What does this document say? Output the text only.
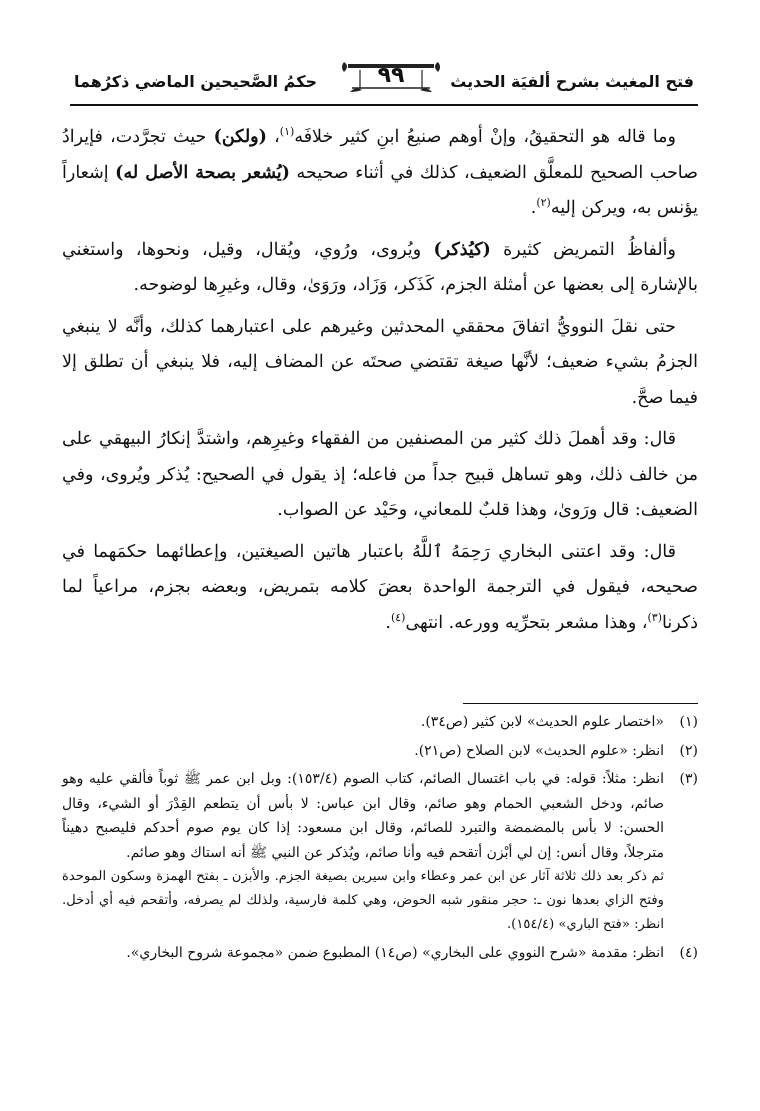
فتح المغيث بشرح ألفيَة الحديث
٩٩
حكمُ الصَّحيحين الماضي ذكرُهما

وما قاله هو التحقيقُ، وإنْ أوهم صنيعُ ابنِ كثير خلافَه$^{(١)}$، (ولكن) حيث تجرَّدت، فإيرادُ صاحب الصحيح للمعلَّق الضعيف، كذلك في أثناء صحيحه (يُشعر بصحة الأصل له) إشعاراً يؤنس به، ويركن إليه$^{(٢)}$.

وألفاظُ التمريض كثيرة (كيُذكر) ويُروى، ورُوي، ويُقال، وقيل، ونحوها، واستغني بالإشارة إلى بعضها عن أمثلة الجزم، كَذَكر، وَزَاد، ورَوَىٰ، وقال، وغيرِها لوضوحه.

حتى نقلَ النوويُّ اتفاقَ محققي المحدثين وغيرهم على اعتبارهما كذلك، وأنَّه لا ينبغي الجزمُ بشيء ضعيف؛ لأنَّها صيغة تقتضي صحتَه عن المضاف إليه، فلا ينبغي أن تطلق إلا فيما صحَّ.

قال: وقد أهملَ ذلك كثير من المصنفين من الفقهاء وغيرِهم، واشتدَّ إنكارُ البيهقي على من خالف ذلك، وهو تساهل قبيح جداً من فاعله؛ إذ يقول في الصحيح: يُذكر ويُروى، وفي الضعيف: قال ورَوىٰ، وهذا قلبٌ للمعاني، وحَيْد عن الصواب.

قال: وقد اعتنى البخاري رَحِمَهُ ٱللَّهُ باعتبار هاتين الصيغتين، وإعطائهما حكمَهما في صحيحه، فيقول في الترجمة الواحدة بعضَ كلامه بتمريض، وبعضه بجزم، مراعياً لما ذكرنا$^{(٣)}$، وهذا مشعر بتحرِّيه وورعه. انتهى$^{(٤)}$.

(١)
«اختصار علوم الحديث» لابن كثير (ص٣٤).
(٢)
انظر: «علوم الحديث» لابن الصلاح (ص٢١).
(٣)
انظر: مثلاً: قوله: في باب اغتسال الصائم، كتاب الصوم (١٥٣/٤): وبل ابن عمر ﷺ ثوباً فألقي عليه وهو صائم، ودخل الشعبي الحمام وهو صائم، وقال ابن عباس: لا بأس أن يتطعم القِدْرَ أو الشيء، وقال الحسن: لا بأس بالمضمضة والتبرد للصائم، وقال ابن مسعود: إذا كان يوم صوم أحدكم فليصبح دهيناً مترجلاً، وقال أنس: إن لي أبْزن أتقحم فيه وأنا صائم، ويُذكر عن النبي ﷺ أنه استاك وهو صائم.
ثم ذكر بعد ذلك ثلاثة آثار عن ابن عمر وعطاء وابن سيرين بصيغة الجزم. والأبزن ـ بفتح الهمزة وسكون الموحدة وفتح الزاي بعدها نون ـ: حجر منقور شبه الحوض، وهي كلمة فارسية، ولذلك لم يصرفه، وأتقحم فيه أي أدخل. انظر: «فتح الباري» (١٥٤/٤).
(٤)
انظر: مقدمة «شرح النووي على البخاري» (ص١٤) المطبوع ضمن «مجموعة شروح البخاري».
